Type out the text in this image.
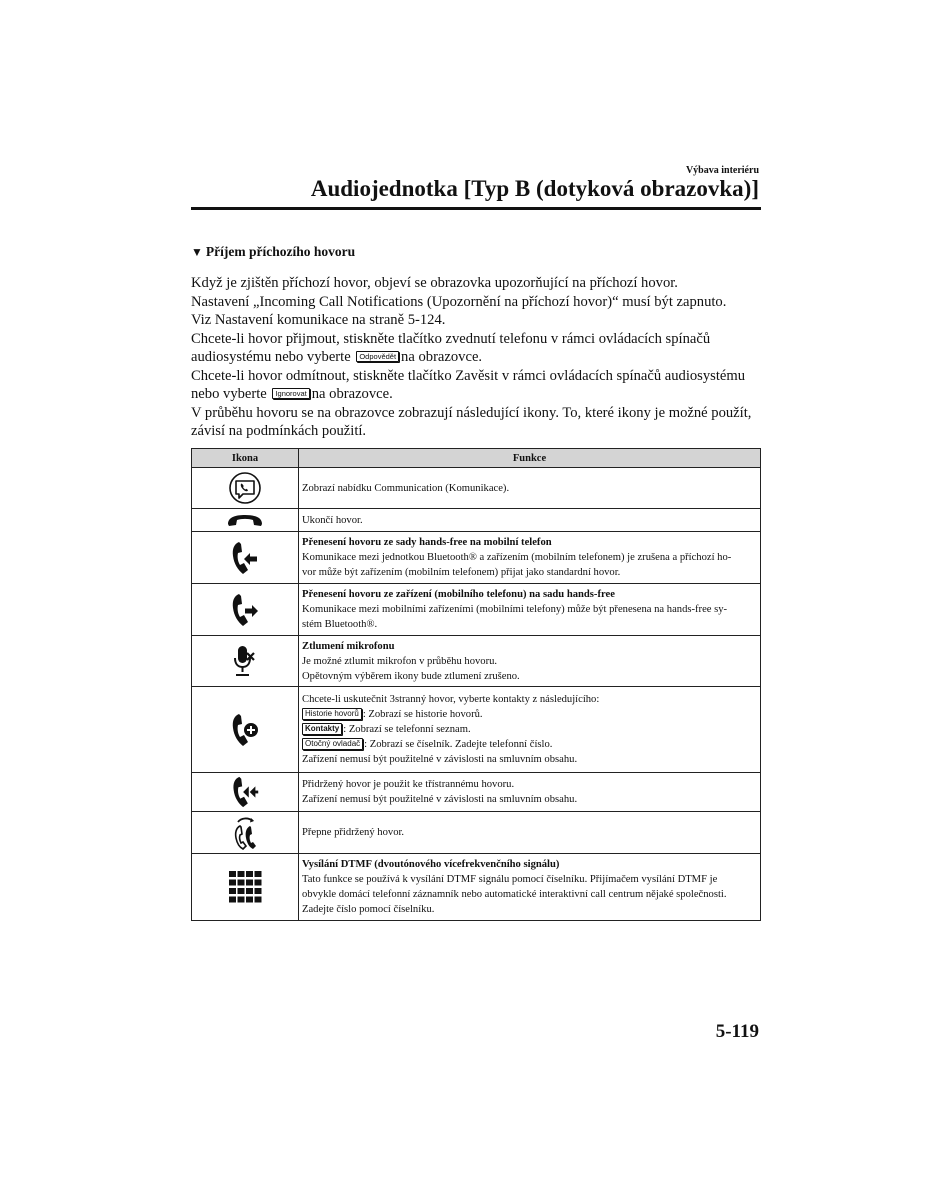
Výbava interiéru
Audiojednotka [Typ B (dotyková obrazovka)]
▼ Příjem příchozího hovoru

Když je zjištěn příchozí hovor, objeví se obrazovka upozorňující na příchozí hovor.

Nastavení „Incoming Call Notifications (Upozornění na příchozí hovor)“ musí být zapnuto.

Viz Nastavení komunikace na straně 5-124.

Chcete-li hovor přijmout, stiskněte tlačítko zvednutí telefonu v rámci ovládacích spínačů audiosystému nebo vyberte Odpovědět na obrazovce.

Chcete-li hovor odmítnout, stiskněte tlačítko Zavěsit v rámci ovládacích spínačů audiosystému nebo vyberte Ignorovat na obrazovce.

V průběhu hovoru se na obrazovce zobrazují následující ikony. To, které ikony je možné použít, závisí na podmínkách použití.

Ikona	Funkce

Zobrazí nabídku Communication (Komunikace).

Ukončí hovor.

Přenesení hovoru ze sady hands-free na mobilní telefon
Komunikace mezi jednotkou Bluetooth® a zařízením (mobilním telefonem) je zrušena a příchozí ho-
vor může být zařízením (mobilním telefonem) přijat jako standardní hovor.

Přenesení hovoru ze zařízení (mobilního telefonu) na sadu hands-free
Komunikace mezi mobilními zařízeními (mobilními telefony) může být přenesena na hands-free sy-
stém Bluetooth®.

Ztlumení mikrofonu
Je možné ztlumit mikrofon v průběhu hovoru.
Opětovným výběrem ikony bude ztlumení zrušeno.

Chcete-li uskutečnit 3stranný hovor, vyberte kontakty z následujícího:
Historie hovorů : Zobrazí se historie hovorů.
Kontakty : Zobrazí se telefonní seznam.
Otočný ovladač : Zobrazí se číselník. Zadejte telefonní číslo.
Zařízení nemusí být použitelné v závislosti na smluvním obsahu.

Přidržený hovor je použit ke třístrannému hovoru.
Zařízení nemusí být použitelné v závislosti na smluvním obsahu.

Přepne přidržený hovor.

Vysílání DTMF (dvoutónového vícefrekvenčního signálu)
Tato funkce se používá k vysílání DTMF signálu pomocí číselníku. Přijímačem vysílání DTMF je
obvykle domácí telefonní záznamník nebo automatické interaktivní call centrum nějaké společnosti.
Zadejte číslo pomocí číselníku.
5-119
